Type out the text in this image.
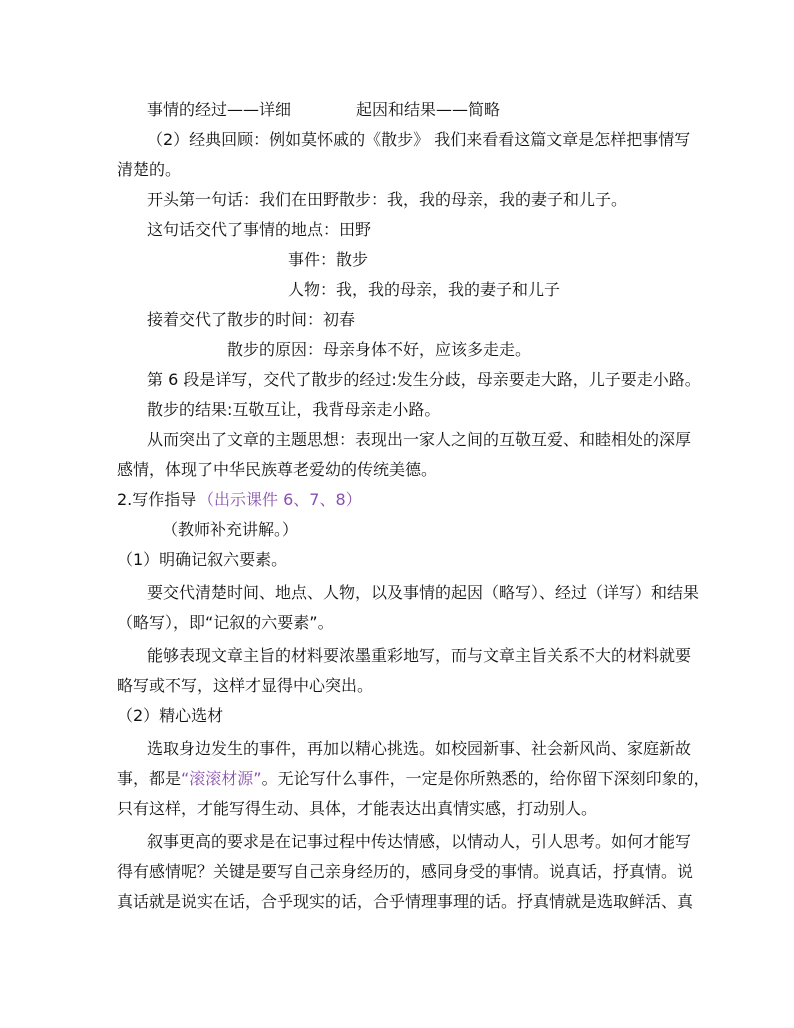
事情的经过——详细	起因和结果——简略
（2）经典回顾：例如莫怀戚的《散步》 我们来看看这篇文章是怎样把事情写
清楚的。
开头第一句话：我们在田野散步：我，我的母亲，我的妻子和儿子。
这句话交代了事情的地点：田野
事件：散步
人物：我，我的母亲，我的妻子和儿子
接着交代了散步的时间：初春
散步的原因：母亲身体不好，应该多走走。
第 6 段是详写，交代了散步的经过:发生分歧，母亲要走大路，儿子要走小路。
散步的结果:互敬互让，我背母亲走小路。
从而突出了文章的主题思想：表现出一家人之间的互敬互爱、和睦相处的深厚
感情，体现了中华民族尊老爱幼的传统美德。
2.写作指导 （出示课件 6、7、8）
（教师补充讲解。）
（1）明确记叙六要素。
要交代清楚时间、地点、人物，以及事情的起因（略写）、经过（详写）和结果
（略写），即“记叙的六要素”。
能够表现文章主旨的材料要浓墨重彩地写，而与文章主旨关系不大的材料就要
略写或不写，这样才显得中心突出。
（2）精心选材
选取身边发生的事件，再加以精心挑选。如校园新事、社会新风尚、家庭新故
事，都是“滚滚材源”。无论写什么事件，一定是你所熟悉的，给你留下深刻印象的，
只有这样，才能写得生动、具体，才能表达出真情实感，打动别人。
叙事更高的要求是在记事过程中传达情感，以情动人，引人思考。如何才能写
得有感情呢？关键是要写自己亲身经历的，感同身受的事情。说真话，抒真情。说
真话就是说实在话，合乎现实的话，合乎情理事理的话。抒真情就是选取鲜活、真
